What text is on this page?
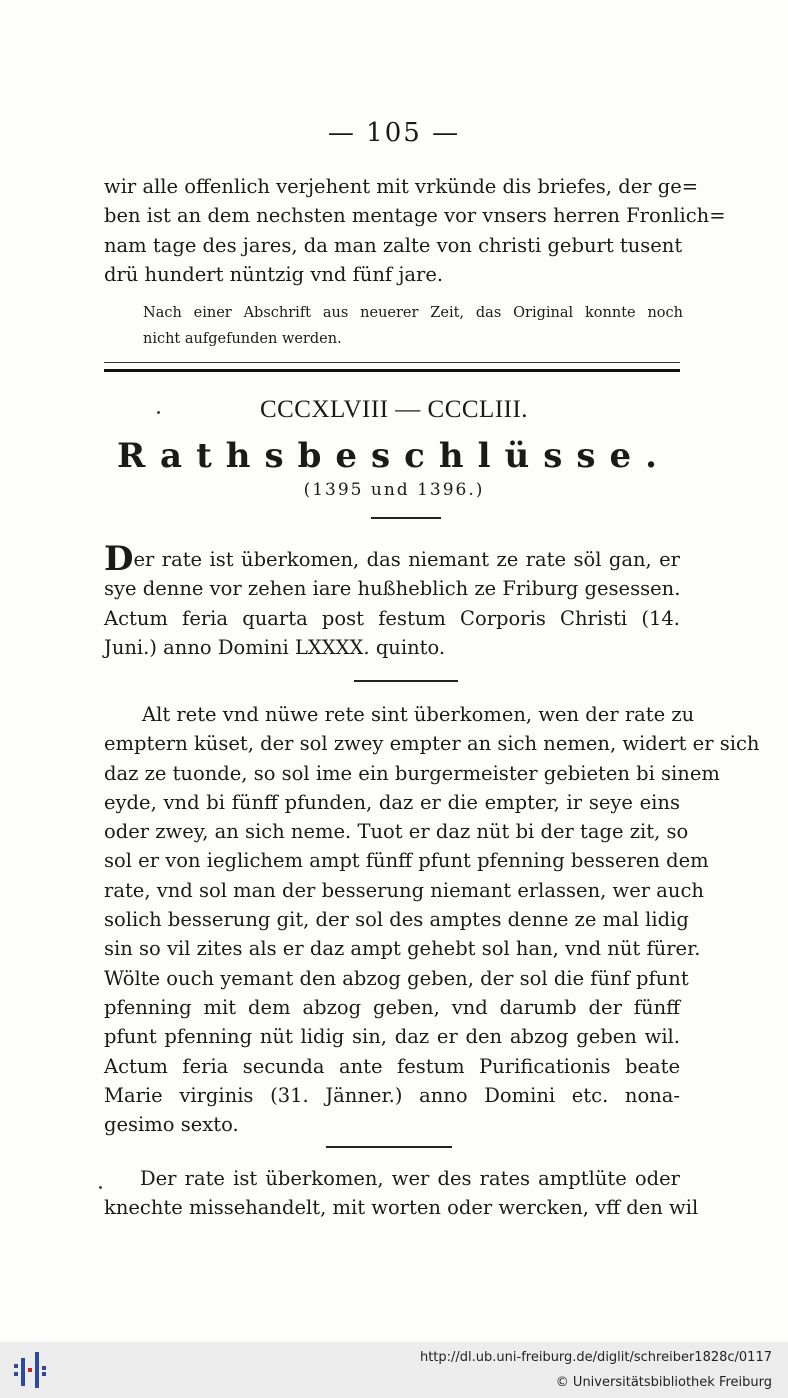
— 105 —

wir alle offenlich verjehent mit vrkünde dis briefes, der ge=
ben ist an dem nechsten mentage vor vnsers herren Fronlich=
nam tage des jares, da man zalte von christi geburt tusent
drü hundert nüntzig vnd fünf jare.

Nach einer Abschrift aus neuerer Zeit, das Original konnte noch
nicht aufgefunden werden.

CCCXLVIII — CCCLIII.
Rathsbeschlüsse.
(1395 und 1396.)

Der rate ist überkomen, das niemant ze rate söl gan, er
sye denne vor zehen iare hußheblich ze Friburg gesessen.
Actum feria quarta post festum Corporis Christi (14.
Juni.) anno Domini LXXXX. quinto.

Alt rete vnd nüwe rete sint überkomen, wen der rate zu
emptern küset, der sol zwey empter an sich nemen, widert er sich
daz ze tuonde, so sol ime ein burgermeister gebieten bi sinem
eyde, vnd bi fünff pfunden, daz er die empter, ir seye eins
oder zwey, an sich neme. Tuot er daz nüt bi der tage zit, so
sol er von ieglichem ampt fünff pfunt pfenning besseren dem
rate, vnd sol man der besserung niemant erlassen, wer auch
solich besserung git, der sol des amptes denne ze mal lidig
sin so vil zites als er daz ampt gehebt sol han, vnd nüt fürer.
Wölte ouch yemant den abzog geben, der sol die fünf pfunt
pfenning mit dem abzog geben, vnd darumb der fünff
pfunt pfenning nüt lidig sin, daz er den abzog geben wil.
Actum feria secunda ante festum Purificationis beate
Marie virginis (31. Jänner.) anno Domini etc. nona-
gesimo sexto.

Der rate ist überkomen, wer des rates amptlüte oder
knechte missehandelt, mit worten oder wercken, vff den wil

http://dl.ub.uni-freiburg.de/diglit/schreiber1828c/0117
© Universitätsbibliothek Freiburg
